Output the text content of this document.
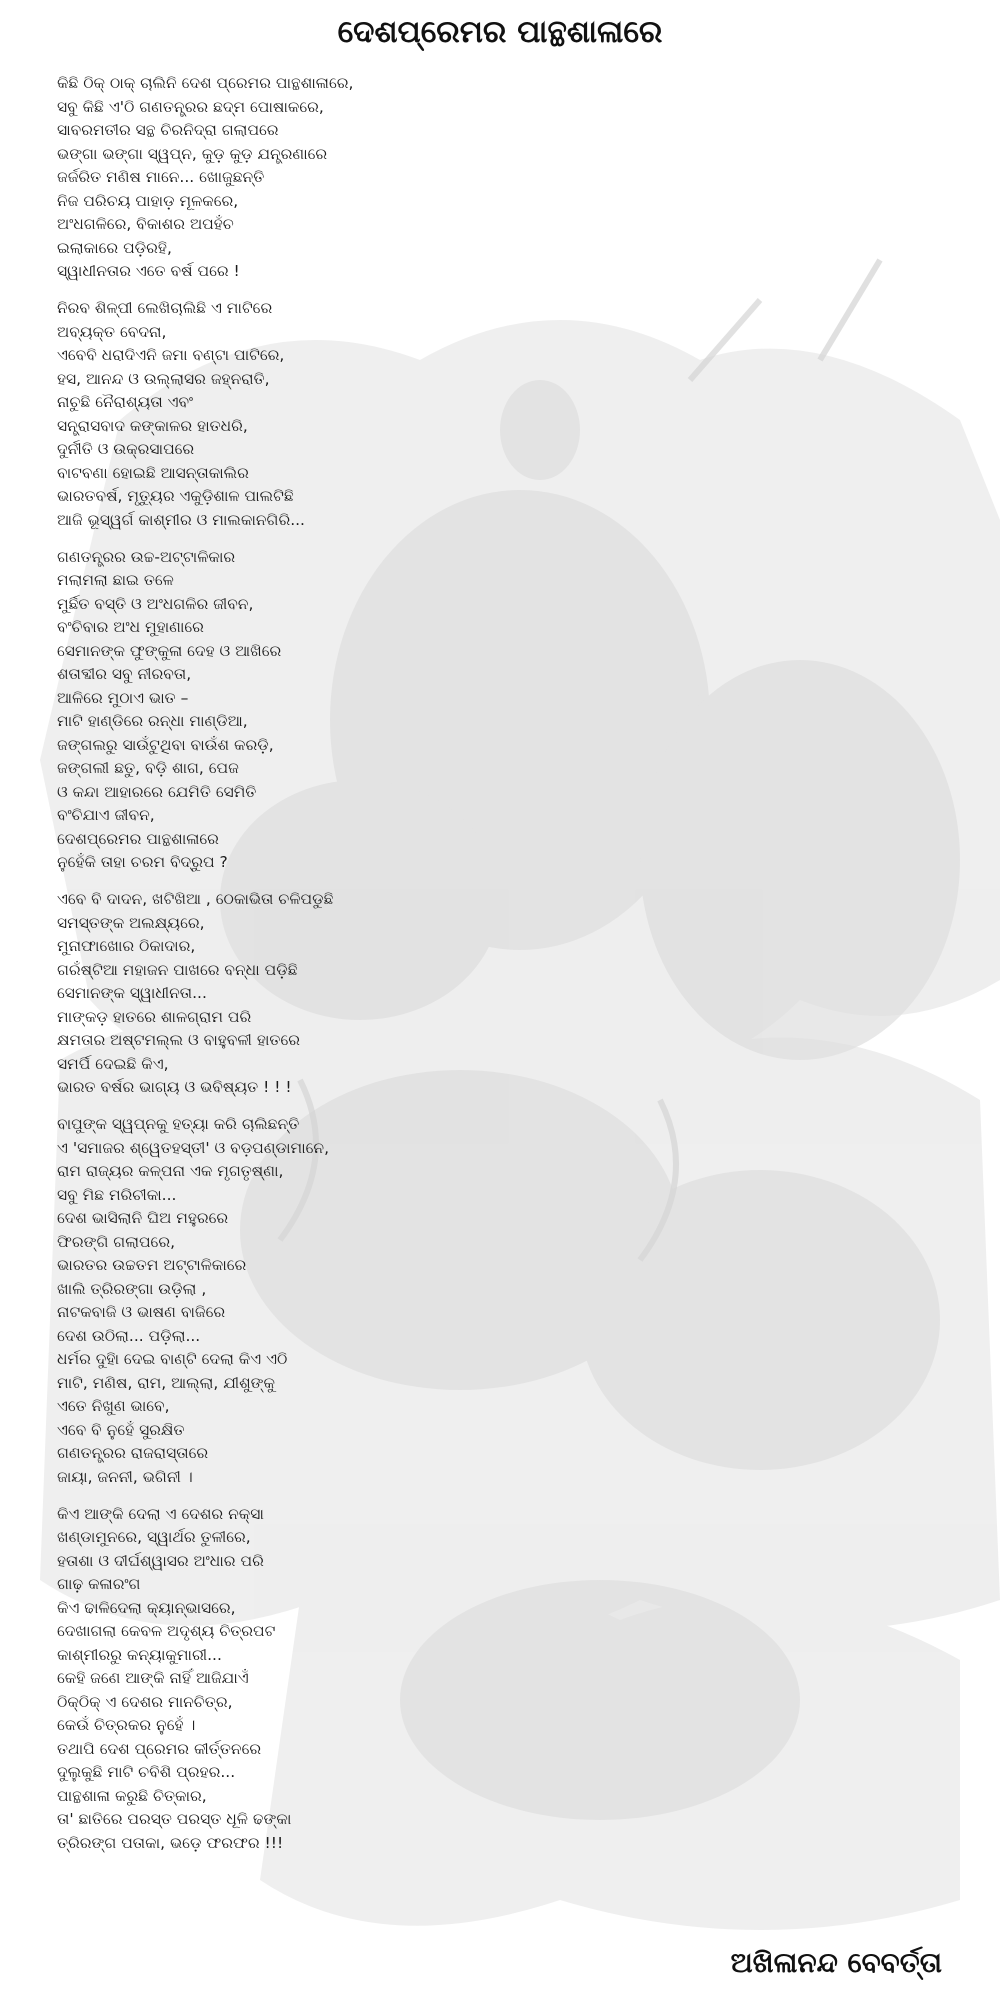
ଦେଶପ୍ରେମର ପାନ୍ଥଶାଳାରେ
କିଛି ଠିକ୍ ଠାକ୍ ଚାଲିନି ଦେଶ ପ୍ରେମର ପାନ୍ଥଶାଳାରେ,
ସବୁ କିଛି ଏ'ଠି ଗଣତନ୍ତ୍ରର ଛଦ୍ମ ପୋଷାକରେ,
ସାବରମତୀର ସନ୍ଥ ଚିରନିଦ୍ରା ଗଲାପରେ
ଭଙ୍ଗା ଭଙ୍ଗା ସ୍ୱପ୍ନ, କୁଡ଼ କୁଡ଼ ଯନ୍ତ୍ରଣାରେ
ଜର୍ଜରିତ ମଣିଷ ମାନେ... ଖୋଜୁଛନ୍ତି
ନିଜ ପରିଚୟ ପାହାଡ଼ ମୂଳକରେ,
ଅଂଧଗଳିରେ, ବିକାଶର ଅପହଁଚ
ଇଲାକାରେ ପଡ଼ିରହି,
ସ୍ୱାଧୀନତାର ଏତେ ବର୍ଷ ପରେ !
ନିରବ ଶିଳ୍ପୀ ଲେଖିଚାଲିଛି ଏ ମାଟିରେ
ଅବ୍ୟକ୍ତ ବେଦନା,
ଏବେବି ଧରାଦିଏନି ଜମା ବଣ୍ଟା ପାଟିରେ,
ହସ, ଆନନ୍ଦ ଓ ଉଲ୍ଲାସର ଜହ୍ନରାତି,
ନାଚୁଛି ନୈରାଶ୍ୟତା ଏବଂ
ସନ୍ତ୍ରାସବାଦ କଙ୍କାଳର ହାତଧରି,
ଦୁର୍ନୀତି ଓ ଉକ୍ରସାପରେ
ବାଟବଣା ହୋଇଛି ଆସନ୍ତାକାଲିର
ଭାରତବର୍ଷ, ମୃତ୍ୟୁର ଏକୁଡ଼ିଶାଳ ପାଲଟିଛି
ଆଜି ଭୂସ୍ୱର୍ଗ କାଶ୍ମୀର ଓ ମାଲକାନଗିରି...
ଗଣତନ୍ତ୍ରର ଉଚ୍ଚ-ଅଟ୍ଟାଳିକାର
ମଲାମଲା ଛାଇ ତଳେ
ମୁର୍ଛିତ ବସ୍ତି ଓ ଅଂଧଗଳିର ଜୀବନ,
ବଂଚିବାର ଅଂଧ ମୁହାଣାରେ
ସେମାନଙ୍କ ଫୁଙ୍କୁଳା ଦେହ ଓ ଆଖିରେ
ଶତାବ୍ଦୀର ସବୁ ନୀରବତା,
ଆଳିରେ ମୁଠାଏ ଭାତ –
ମାଟି ହାଣ୍ଡିରେ ରନ୍ଧା ମାଣ୍ଡିଆ,
ଜଙ୍ଗଲରୁ ସାଉଁଟୁଥିବା ବାଉଁଶ କରଡ଼ି,
ଜଙ୍ଗଲୀ ଛତୁ, ବଡ଼ି ଶାଗ, ପେଜ
ଓ କନ୍ଦା ଆହାରରେ ଯେମିତି ସେମିତି
ବଂଚିଯାଏ ଜୀବନ,
ଦେଶପ୍ରେମର ପାନ୍ଥଶାଳାରେ
ନୁହେଁକି ତାହା ଚରମ ବିଦ୍ରୁପ ?
ଏବେ ବି ଦାଦନ, ଖଟିଖିଆ , ଠେକାଭିତା ଚଳିପଡୁଛି
ସମସ୍ତଙ୍କ ଅଲକ୍ଷ୍ୟରେ,
ମୁନାଫାଖୋର ଠିକାଦାର,
ଗରଁଷ୍ଟିଆ ମହାଜନ ପାଖରେ ବନ୍ଧା ପଡ଼ିଛି
ସେମାନଙ୍କ ସ୍ୱାଧୀନତା...
ମାଙ୍କଡ଼ ହାତରେ ଶାଳଗ୍ରାମ ପରି
କ୍ଷମତାର ଅଷ୍ଟମଲ୍ଲ ଓ ବାହୁବଳୀ ହାତରେ
ସମର୍ପି ଦେଇଛି କିଏ,
ଭାରତ ବର୍ଷର ଭାଗ୍ୟ ଓ ଭବିଷ୍ୟତ ! ! !
ବାପୁଙ୍କ ସ୍ୱପ୍ନକୁ ହତ୍ୟା କରି ଚାଲିଛନ୍ତି
ଏ 'ସମାଜର ଶ୍ୱେତହସ୍ତୀ' ଓ ବଡ଼ପଣ୍ଡାମାନେ,
ରାମ ରାଜ୍ୟର କଳ୍ପନା ଏକ ମୃଗତୃଷ୍ଣା,
ସବୁ ମିଛ ମରିଚୀକା...
ଦେଶ ଭାସିଲାନି ଘିଅ ମହୁରରେ
ଫିରଙ୍ଗି ଗଲାପରେ,
ଭାରତର ଉଚ୍ଚତମ ଅଟ୍ଟାଳିକାରେ
ଖାଲି ତ୍ରିରଙ୍ଗା ଉଡ଼ିଲା ,
ନାଟକବାଜି ଓ ଭାଷଣ ବାଜିରେ
ଦେଶ ଉଠିଲା... ପଡ଼ିଲା...
ଧର୍ମର ଦୁହାି ଦେଇ ବାଣ୍ଟି ଦେଲା କିଏ ଏଠି
ମାଟି, ମଣିଷ, ରାମ, ଆଲ୍ଲା, ଯୀଶୁଙ୍କୁ
ଏତେ ନିଖୁଣ ଭାବେ,
ଏବେ ବି ନୁହେଁ ସୁରକ୍ଷିତ
ଗଣତନ୍ତ୍ରର ରାଜରାସ୍ତାରେ
ଜାୟା, ଜନନୀ, ଭଗିନୀ ।
କିଏ ଆଙ୍କି ଦେଲା ଏ ଦେଶର ନକ୍ସା
ଖଣ୍ଡାମୁନରେ, ସ୍ୱାର୍ଥର ତୁଳୀରେ,
ହତାଶା ଓ ଦୀର୍ଘଶ୍ୱାସର ଅଂଧାର ପରି
ଗାଢ଼ କଳାରଂଗ
କିଏ ଢାଳିଦେଲା କ୍ୟାନ୍‌ଭାସରେ,
ଦେଖାଗଲା କେବଳ ଅଦୃଶ୍ୟ ଚିତ୍ରପଟ
କାଶ୍ମୀରରୁ କନ୍ୟାକୁମାରୀ...
କେହି ଜଣେ ଆଙ୍କି ନାହିଁ ଆଜିଯାଏଁ
ଠିକ୍‌ଠିକ୍ ଏ ଦେଶର ମାନଚିତ୍ର,
କେଉଁ ଚିତ୍ରକର ନୁହେଁ ।
ତଥାପି ଦେଶ ପ୍ରେମର କୀର୍ତ୍ତନରେ
ଦୁଲୁକୁଛି ମାଟି ଚବିଶି ପ୍ରହର...
ପାନ୍ଥଶାଳା କରୁଛି ଚିତ୍କାର,
ତା' ଛାତିରେ ପରସ୍ତ ପରସ୍ତ ଧୂଳି ଢଙ୍କା
ତ୍ରିରଙ୍ଗ ପତାକା, ଭଡ଼େ ଫରଫର !!!
ଅଖିଳାନନ୍ଦ ବେବର୍ତ୍ତା
